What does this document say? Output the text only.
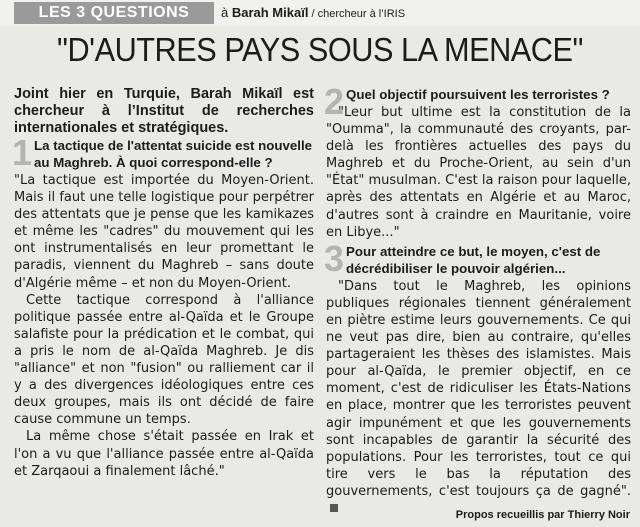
LES 3 QUESTIONS	à Barah Mikaïl / chercheur à l’IRIS
"D'AUTRES PAYS SOUS LA MENACE"

Joint hier en Turquie, Barah Mikaïl est chercheur à l’Institut de recherches internationales et stratégiques.

1 La tactique de l'attentat suicide est nouvelle au Maghreb. À quoi correspond-elle ?

"La tactique est importée du Moyen-Orient. Mais il faut une telle logistique pour perpétrer des attentats que je pense que les kamikazes et même les "cadres" du mouvement qui les ont instrumentalisés en leur promettant le paradis, viennent du Maghreb – sans doute d'Algérie même – et non du Moyen-Orient.

Cette tactique correspond à l'alliance politique passée entre al-Qaïda et le Groupe salafiste pour la prédication et le combat, qui a pris le nom de al-Qaïda Maghreb. Je dis "alliance" et non "fusion" ou ralliement car il y a des divergences idéologiques entre ces deux groupes, mais ils ont décidé de faire cause commune un temps.

La même chose s'était passée en Irak et l'on a vu que l'alliance passée entre al-Qaïda et Zarqaoui a finalement lâché."

2 Quel objectif poursuivent les terroristes ?

"Leur but ultime est la constitution de la "Oumma", la communauté des croyants, par-delà les frontières actuelles des pays du Maghreb et du Proche-Orient, au sein d'un "État" musulman. C'est la raison pour laquelle, après des attentats en Algérie et au Maroc, d'autres sont à craindre en Mauritanie, voire en Libye..."

3 Pour atteindre ce but, le moyen, c'est de décrédibiliser le pouvoir algérien...

"Dans tout le Maghreb, les opinions publiques régionales tiennent généralement en piètre estime leurs gouvernements. Ce qui ne veut pas dire, bien au contraire, qu'elles partageraient les thèses des islamistes. Mais pour al-Qaïda, le premier objectif, en ce moment, c'est de ridiculiser les États-Nations en place, montrer que les terroristes peuvent agir impunément et que les gouvernements sont incapables de garantir la sécurité des populations. Pour les terroristes, tout ce qui tire vers le bas la réputation des gouvernements, c'est toujours ça de gagné".

Propos recueillis par Thierry Noir
